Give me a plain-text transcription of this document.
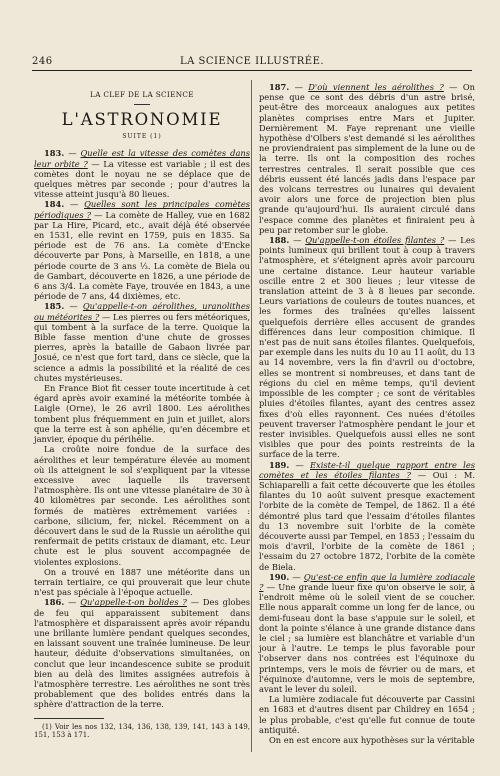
246	LA SCIENCE ILLUSTRÉE.
LA CLEF DE LA SCIENCE
L'ASTRONOMIE
SUITE (1)

183. — Quelle est la vitesse des comètes dans leur orbite ? — La vitesse est variable ; il est des comètes dont le noyau ne se déplace que de quelques mètres par seconde ; pour d'autres la vitesse atteint jusqu'à 80 lieues.

184. — Quelles sont les principales comètes périodiques ? — La comète de Halley, vue en 1682 par La Hire, Picard, etc., avait déjà été observée en 1531, elle revint en 1759, puis en 1835. Sa période est de 76 ans. La comète d'Encke découverte par Pons, à Marseille, en 1818, a une période courte de 3 ans ⅓. La comète de Biela ou de Gambart, découverte en 1826, a une période de 6 ans 3/4. La comète Faye, trouvée en 1843, a une période de 7 ans, 44 dixièmes, etc.

185. — Qu'appelle-t-on aérolithes, uranolithes ou météorites ? — Les pierres ou fers météoriques, qui tombent à la surface de la terre. Quoique la Bible fasse mention d'une chute de grosses pierres, après la bataille de Gabaon livrée par Josué, ce n'est que fort tard, dans ce siècle, que la science a admis la possibilité et la réalité de ces chutes mystérieuses.

En France Biot fit cesser toute incertitude à cet égard après avoir examiné la météorite tombée à Laigle (Orne), le 26 avril 1800. Les aérolithes tombent plus fréquemment en juin et juillet, alors que la terre est à son aphélie, qu'en décembre et janvier, époque du périhélie.

La croûte noire fondue de la surface des aérolithes et leur température élevée au moment où ils atteignent le sol s'expliquent par la vitesse excessive avec laquelle ils traversent l'atmosphère. Ils ont une vitesse planétaire de 30 à 40 kilomètres par seconde. Les aérolithes sont formés de matières extrêmement variées : carbone, silicium, fer, nickel. Récemment on a découvert dans le sud de la Russie un aérolithe qui renfermait de petits cristaux de diamant, etc. Leur chute est le plus souvent accompagnée de violentes explosions.

On a trouvé en 1887 une météorite dans un terrain tertiaire, ce qui prouverait que leur chute n'est pas spéciale à l'époque actuelle.

186. — Qu'appelle-t-on bolides ? — Des globes de feu qui apparaissent subitement dans l'atmosphère et disparaissent après avoir répandu une brillante lumière pendant quelques secondes, en laissant souvent une traînée lumineuse. De leur hauteur, déduite d'observations simultanées, on conclut que leur incandescence subite se produit bien au delà des limites assignées autrefois à l'atmosphère terrestre. Les aérolithes ne sont très probablement que des bolides entrés dans la sphère d'attraction de la terre.

(1) Voir les nos 132, 134, 136, 138, 139, 141, 143 à 149, 151, 153 à 171.

187. — D'où viennent les aérolithes ? — On pense que ce sont des débris d'un astre brisé, peut-être des morceaux analogues aux petites planètes comprises entre Mars et Jupiter. Dernièrement M. Faye reprenant une vieille hypothèse d'Olbers s'est demandé si les aérolithes ne proviendraient pas simplement de la lune ou de la terre. Ils ont la composition des roches terrestres centrales. Il serait possible que ces débris eussent été lancés jadis dans l'espace par des volcans terrestres ou lunaires qui devaient avoir alors une force de projection bien plus grande qu'aujourd'hui. Ils auraient circulé dans l'espace comme des planètes et finiraient peu à peu par retomber sur le globe.

188. — Qu'appelle-t-on étoiles filantes ? — Les points lumineux qui brillent tout à coup à travers l'atmosphère, et s'éteignent après avoir parcouru une certaine distance. Leur hauteur variable oscille entre 2 et 300 lieues ; leur vitesse de translation atteint de 3 à 8 lieues par seconde. Leurs variations de couleurs de toutes nuances, et les formes des traînées qu'elles laissent quelquefois derrière elles accusent de grandes différences dans leur composition chimique. Il n'est pas de nuit sans étoiles filantes. Quelquefois, par exemple dans les nuits du 10 au 11 août, du 13 au 14 novembre, vers la fin d'avril ou d'octobre, elles se montrent si nombreuses, et dans tant de régions du ciel en même temps, qu'il devient impossible de les compter ; ce sont de véritables pluies d'étoiles filantes, ayant des centres assez fixes d'où elles rayonnent. Ces nuées d'étoiles peuvent traverser l'atmosphère pendant le jour et rester invisibles. Quelquefois aussi elles ne sont visibles que pour des points restreints de la surface de la terre.

189. — Existe-t-il quelque rapport entre les comètes et les étoiles filantes ? — Oui : M. Schiaparelli a fait cette découverte que les étoiles filantes du 10 août suivent presque exactement l'orbite de la comète de Tempel, de 1862. Il a été démontré plus tard que l'essaim d'étoiles filantes du 13 novembre suit l'orbite de la comète découverte aussi par Tempel, en 1853 ; l'essaim du mois d'avril, l'orbite de la comète de 1861 ; l'essaim du 27 octobre 1872, l'orbite de la comète de Biela.

190. — Qu'est-ce enfin que la lumière zodiacale ? — Une grande lueur fixe qu'on observe le soir, à l'endroit même où le soleil vient de se coucher. Elle nous apparaît comme un long fer de lance, ou demi-fuseau dont la base s'appuie sur le soleil, et dont la pointe s'élance à une grande distance dans le ciel ; sa lumière est blanchâtre et variable d'un jour à l'autre. Le temps le plus favorable pour l'observer dans nos contrées est l'équinoxe du printemps, vers le mois de février ou de mars, et l'équinoxe d'automne, vers le mois de septembre, avant le lever du soleil.

La lumière zodiacale fut découverte par Cassini en 1683 et d'autres disent par Childrey en 1654 ; le plus probable, c'est qu'elle fut connue de toute antiquité.

On en est encore aux hypothèses sur la véritable
